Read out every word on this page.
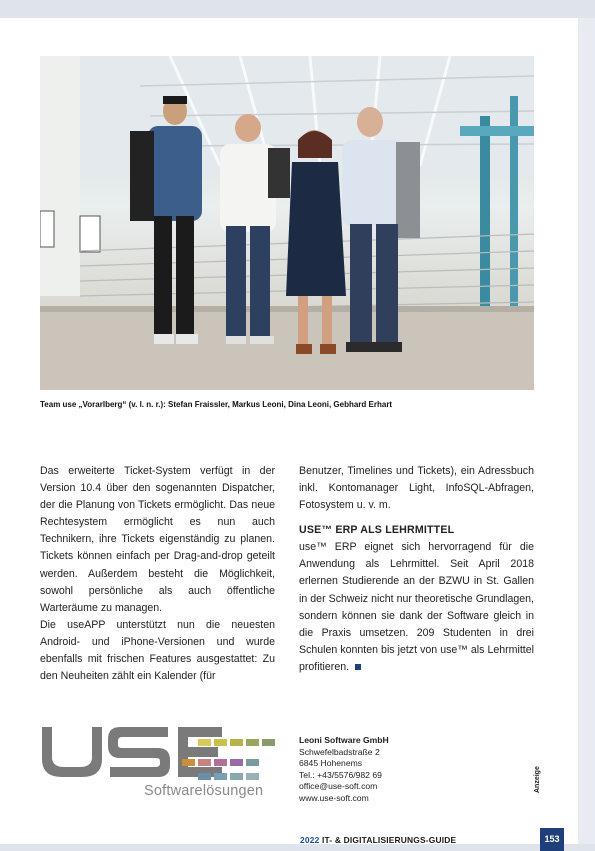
Team use „Vorarlberg“ (v. l. n. r.): Stefan Fraissler, Markus Leoni, Dina Leoni, Gebhard Erhart

Das erweiterte Ticket-System verfügt in der Version 10.4 über den sogenannten Dispatcher, der die Planung von Tickets ermöglicht. Das neue Rechtesystem ermöglicht es nun auch Technikern, ihre Tickets eigenständig zu planen. Tickets können einfach per Drag-and-drop geteilt werden. Außerdem besteht die Möglichkeit, sowohl persönliche als auch öffentliche Warteräume zu managen.

Die useAPP unterstützt nun die neuesten Android- und iPhone-Versionen und wurde ebenfalls mit frischen Features ausgestattet: Zu den Neuheiten zählt ein Kalender (für

Benutzer, Timelines und Tickets), ein Adressbuch inkl. Kontomanager Light, InfoSQL-Abfragen, Fotosystem u. v. m.

USE™ ERP ALS LEHRMITTEL

use™ ERP eignet sich hervorragend für die Anwendung als Lehrmittel. Seit April 2018 erlernen Studierende an der BZWU in St. Gallen in der Schweiz nicht nur theoretische Grundlagen, sondern können sie dank der Software gleich in die Praxis umsetzen. 209 Studenten in drei Schulen konnten bis jetzt von use™ als Lehrmittel profitieren.

Softwarelösungen
Leoni Software GmbH
Schwefelbadstraße 2
6845 Hohenems
Tel.: +43/5576/982 69
office@use-soft.com
www.use-soft.com
Anzeige
2022 IT- & DIGITALISIERUNGS-GUIDE	153
